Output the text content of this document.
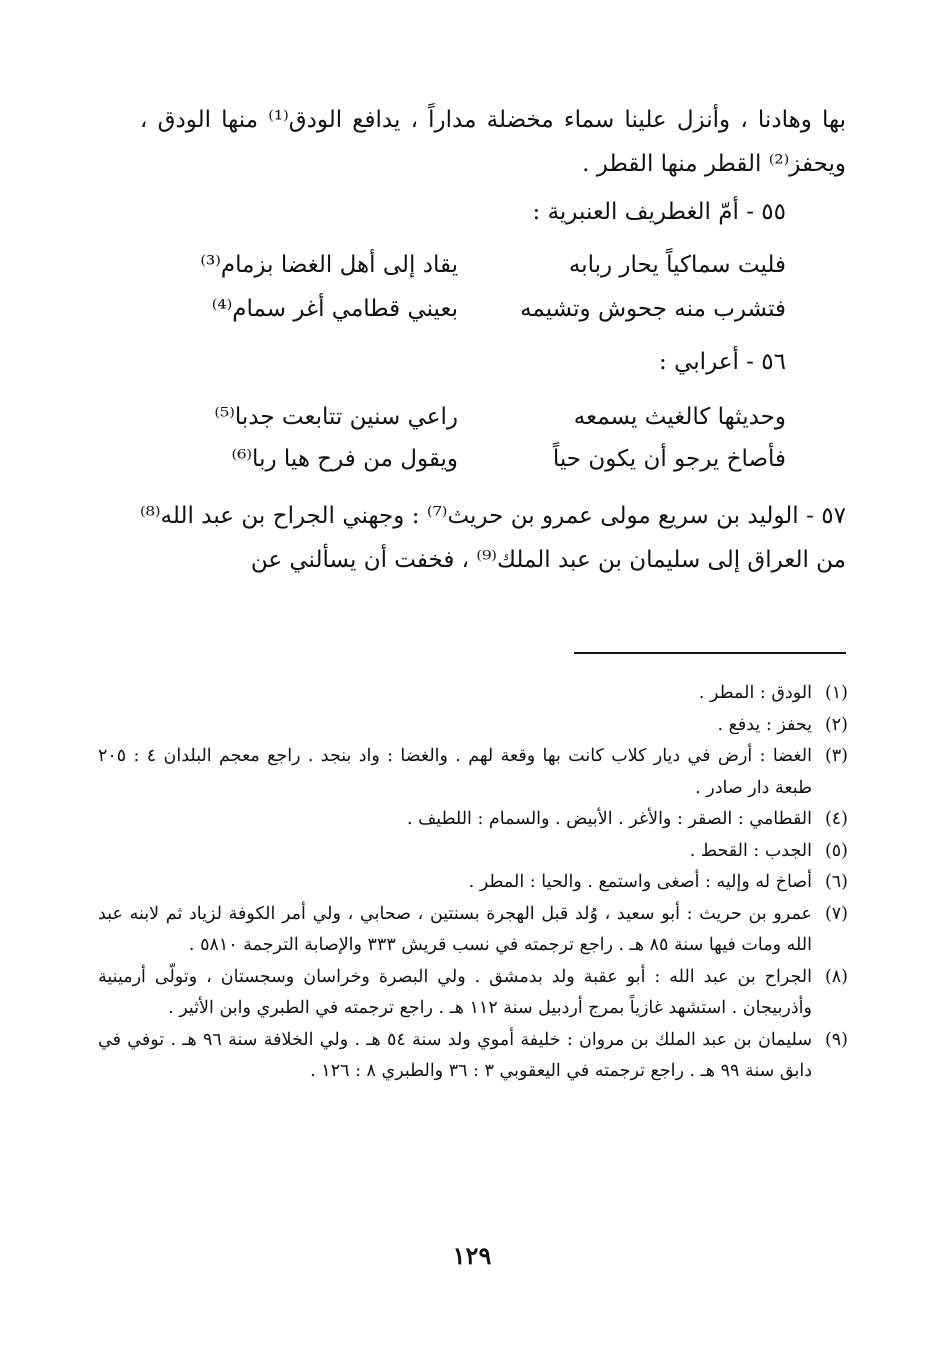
بها وهادنا ، وأنزل علينا سماء مخضلة مداراً ، يدافع الودق⁽¹⁾ منها الودق ، ويحفز⁽²⁾ القطر منها القطر .
٥٥ - أمّ الغطريف العنبرية :
فليت سماكياً يحار ربابه
يقاد إلى أهل الغضا بزمام⁽³⁾
فتشرب منه جحوش وتشيمه
بعيني قطامي أغر سمام⁽⁴⁾
٥٦ - أعرابي :
وحديثها كالغيث يسمعه
راعي سنين تتابعت جدبا⁽⁵⁾
فأصاخ يرجو أن يكون حياً
ويقول من فرح هيا ربا⁽⁶⁾
٥٧ - الوليد بن سريع مولى عمرو بن حريث⁽⁷⁾ : وجهني الجراح بن عبد الله⁽⁸⁾ من العراق إلى سليمان بن عبد الملك⁽⁹⁾ ، فخفت أن يسألني عن
(١)
الودق : المطر .
(٢)
يحفز : يدفع .
(٣)
الغضا : أرض في ديار كلاب كانت بها وقعة لهم . والغضا : واد بنجد . راجع معجم البلدان ٤ : ٢٠٥ طبعة دار صادر .
(٤)
القطامي : الصقر : والأغر . الأبيض . والسمام : اللطيف .
(٥)
الجدب : القحط .
(٦)
أصاخ له وإليه : أصغى واستمع . والحيا : المطر .
(٧)
عمرو بن حريث : أبو سعيد ، وُلد قبل الهجرة بسنتين ، صحابي ، ولي أمر الكوفة لزياد ثم لابنه عبد الله ومات فيها سنة ٨٥ هـ . راجع ترجمته في نسب قريش ٣٣٣ والإصابة الترجمة ٥٨١٠ .
(٨)
الجراح بن عبد الله : أبو عقبة ولد بدمشق . ولي البصرة وخراسان وسجستان ، وتولّى أرمينية وأذربيجان . استشهد غازياً بمرج أردبيل سنة ١١٢ هـ . راجع ترجمته في الطبري وابن الأثير .
(٩)
سليمان بن عبد الملك بن مروان : خليفة أموي ولد سنة ٥٤ هـ . ولي الخلافة سنة ٩٦ هـ . توفي في دابق سنة ٩٩ هـ . راجع ترجمته في اليعقوبي ٣ : ٣٦ والطبري ٨ : ١٢٦ .
١٢٩
